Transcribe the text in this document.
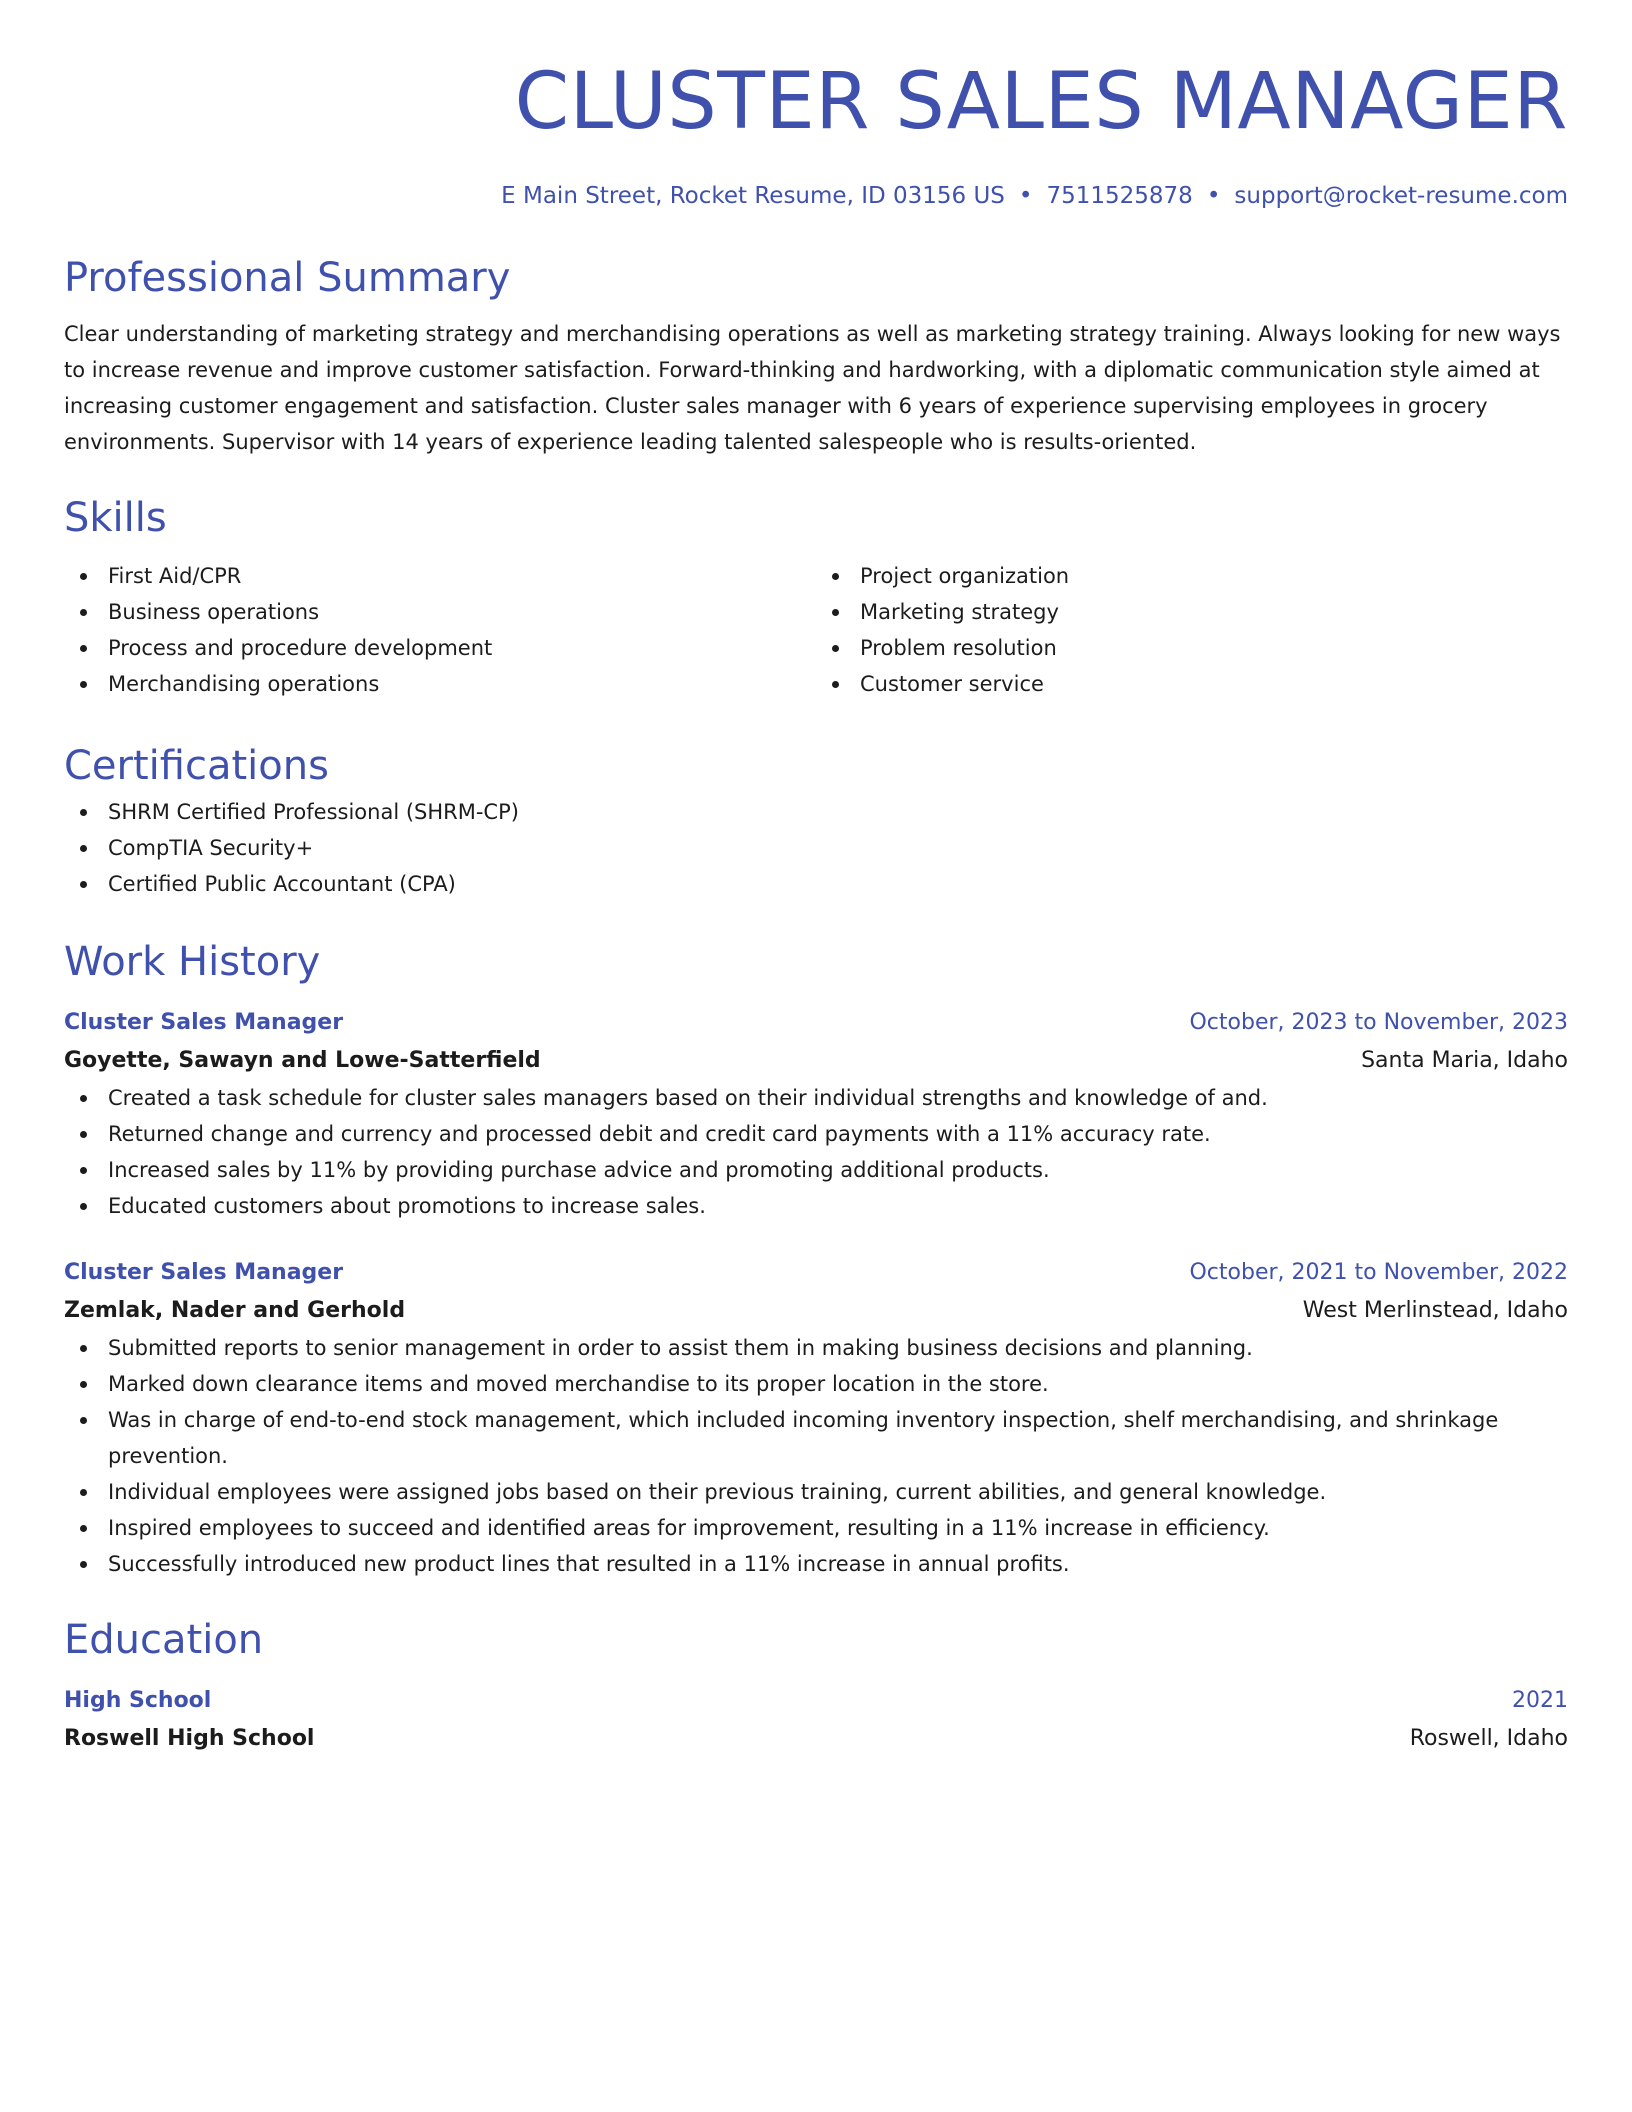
CLUSTER SALES MANAGER
E Main Street, Rocket Resume, ID 03156 US • 7511525878 • support@rocket-resume.com
Professional Summary

Clear understanding of marketing strategy and merchandising operations as well as marketing strategy training. Always looking for new ways to increase revenue and improve customer satisfaction. Forward-thinking and hardworking, with a diplomatic communication style aimed at increasing customer engagement and satisfaction. Cluster sales manager with 6 years of experience supervising employees in grocery environments. Supervisor with 14 years of experience leading talented salespeople who is results-oriented.

Skills
First Aid/CPR
Business operations
Process and procedure development
Merchandising operations
Project organization
Marketing strategy
Problem resolution
Customer service
Certifications
SHRM Certified Professional (SHRM-CP)
CompTIA Security+
Certified Public Accountant (CPA)
Work History
Cluster Sales Manager	October, 2023 to November, 2023
Goyette, Sawayn and Lowe-Satterfield	Santa Maria, Idaho
Created a task schedule for cluster sales managers based on their individual strengths and knowledge of and.
Returned change and currency and processed debit and credit card payments with a 11% accuracy rate.
Increased sales by 11% by providing purchase advice and promoting additional products.
Educated customers about promotions to increase sales.
Cluster Sales Manager	October, 2021 to November, 2022
Zemlak, Nader and Gerhold	West Merlinstead, Idaho
Submitted reports to senior management in order to assist them in making business decisions and planning.
Marked down clearance items and moved merchandise to its proper location in the store.
Was in charge of end-to-end stock management, which included incoming inventory inspection, shelf merchandising, and shrinkage prevention.
Individual employees were assigned jobs based on their previous training, current abilities, and general knowledge.
Inspired employees to succeed and identified areas for improvement, resulting in a 11% increase in efficiency.
Successfully introduced new product lines that resulted in a 11% increase in annual profits.
Education
High School	2021
Roswell High School	Roswell, Idaho
